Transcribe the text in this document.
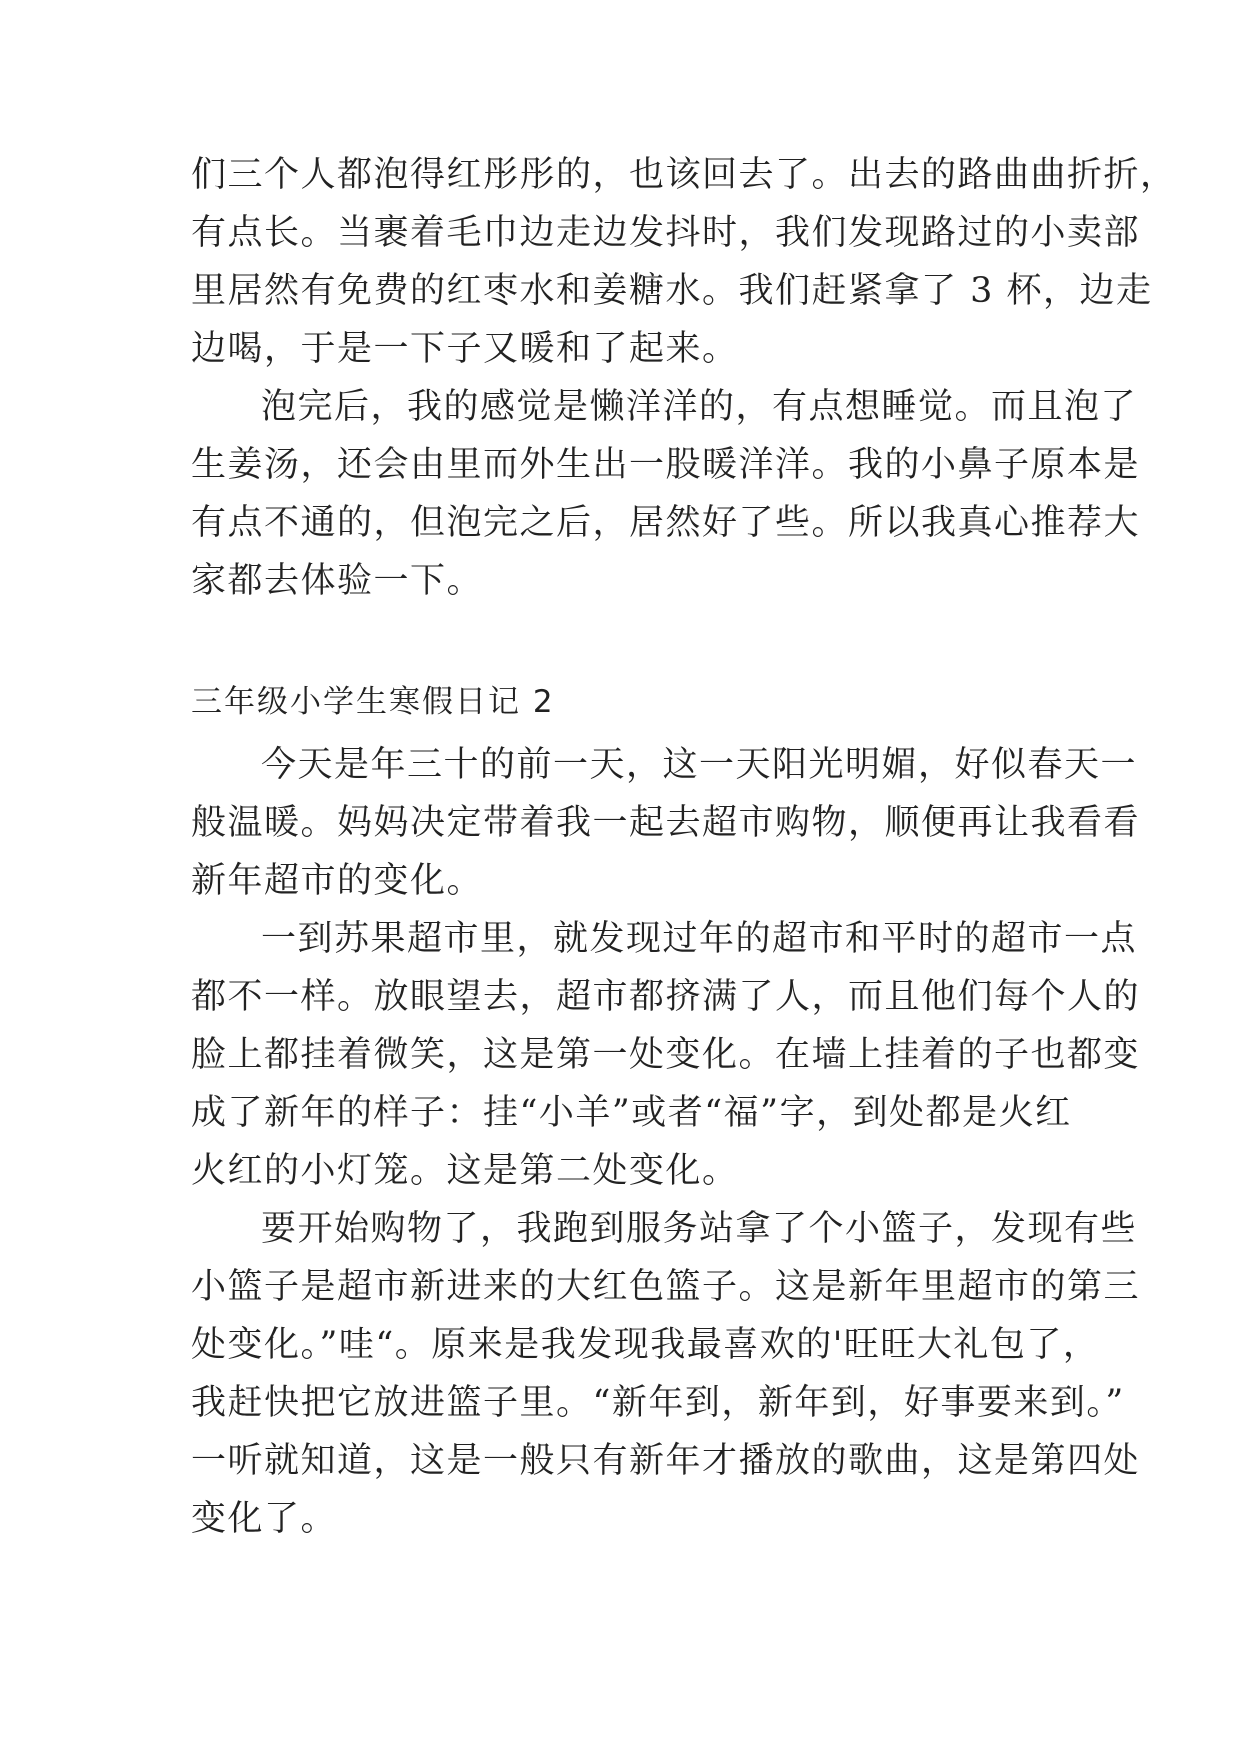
们三个人都泡得红彤彤的，也该回去了。出去的路曲曲折折，
有点长。当裹着毛巾边走边发抖时，我们发现路过的小卖部
里居然有免费的红枣水和姜糖水。我们赶紧拿了 3 杯，边走
边喝，于是一下子又暖和了起来。
泡完后，我的感觉是懒洋洋的，有点想睡觉。而且泡了
生姜汤，还会由里而外生出一股暖洋洋。我的小鼻子原本是
有点不通的，但泡完之后，居然好了些。所以我真心推荐大
家都去体验一下。
三年级小学生寒假日记 2
今天是年三十的前一天，这一天阳光明媚，好似春天一
般温暖。妈妈决定带着我一起去超市购物，顺便再让我看看
新年超市的变化。
一到苏果超市里，就发现过年的超市和平时的超市一点
都不一样。放眼望去，超市都挤满了人，而且他们每个人的
脸上都挂着微笑，这是第一处变化。在墙上挂着的子也都变
成了新年的样子：挂“小羊”或者“福”字，到处都是火红
火红的小灯笼。这是第二处变化。
要开始购物了，我跑到服务站拿了个小篮子，发现有些
小篮子是超市新进来的大红色篮子。这是新年里超市的第三
处变化。”哇“。原来是我发现我最喜欢的'旺旺大礼包了，
我赶快把它放进篮子里。“新年到，新年到，好事要来到。”
一听就知道，这是一般只有新年才播放的歌曲，这是第四处
变化了。
